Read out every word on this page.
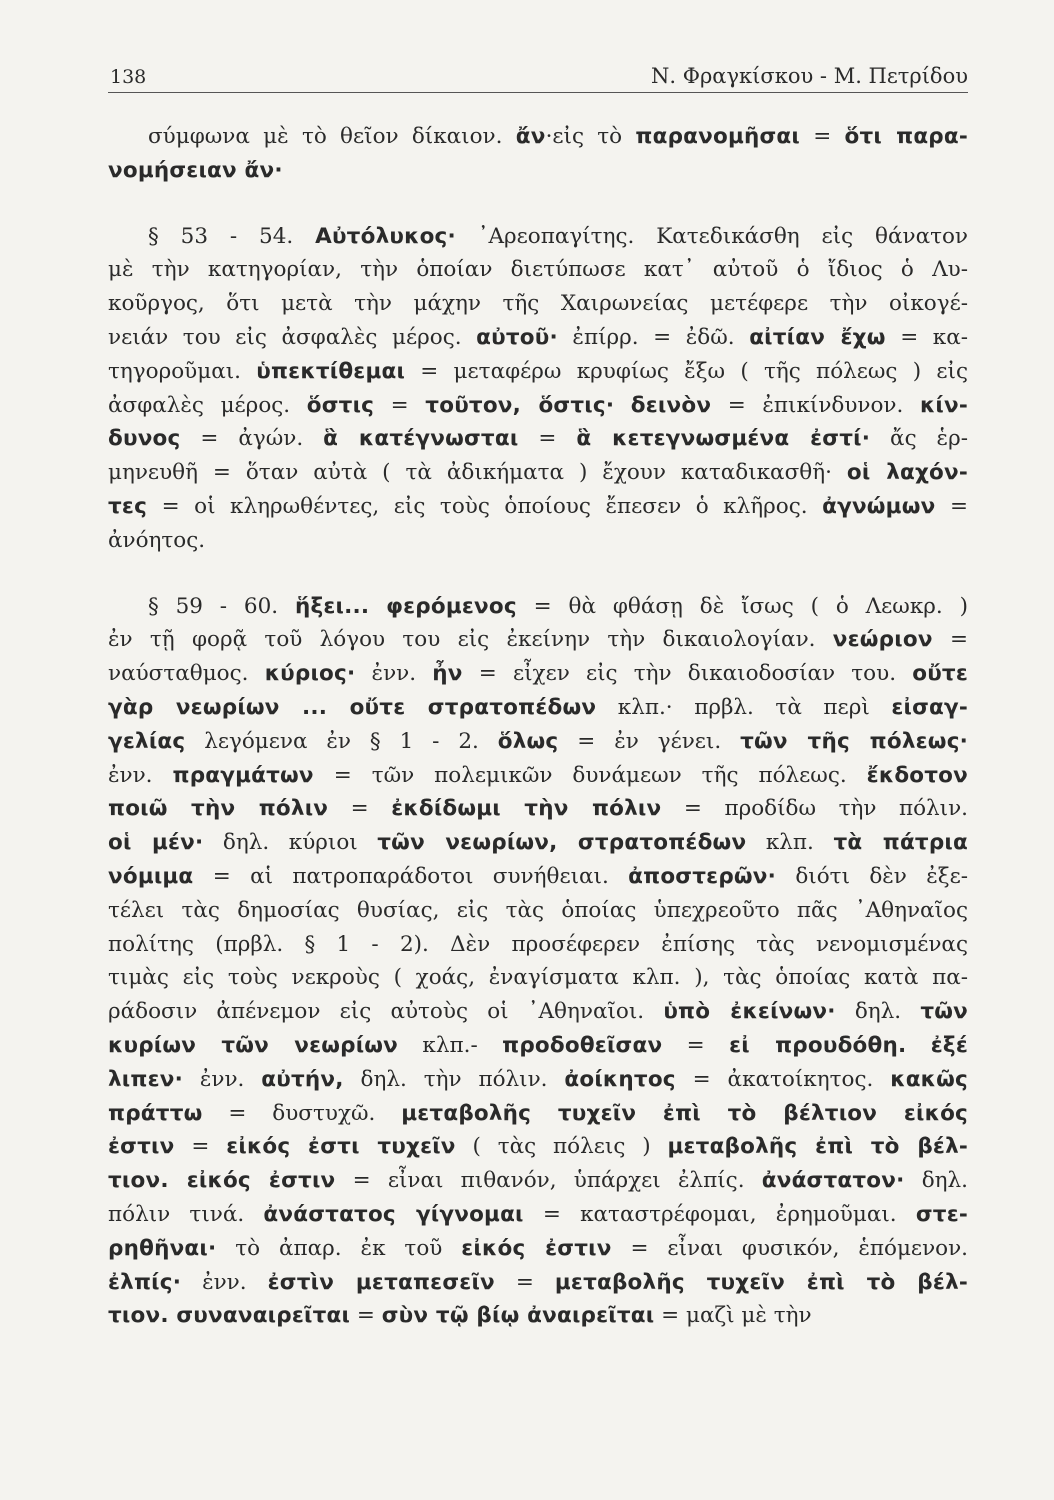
138	Ν. Φραγκίσκου - Μ. Πετρίδου
σύμφωνα μὲ τὸ θεῖον δίκαιον. ἄν·εἰς τὸ παρανομῆσαι = ὅτι παρα-
νομήσειαν ἄν·
§ 53 - 54. Αὐτόλυκος· ᾿Αρεοπαγίτης. Κατεδικάσθη εἰς θάνατον
μὲ τὴν κατηγορίαν, τὴν ὁποίαν διετύπωσε κατ᾿ αὐτοῦ ὁ ἴδιος ὁ Λυ-
κοῦργος, ὅτι μετὰ τὴν μάχην τῆς Χαιρωνείας μετέφερε τὴν οἰκογέ-
νειάν του εἰς ἀσφαλὲς μέρος. αὐτοῦ· ἐπίρρ. = ἐδῶ. αἰτίαν ἔχω = κα-
τηγοροῦμαι. ὑπεκτίθεμαι = μεταφέρω κρυφίως ἔξω ( τῆς πόλεως ) εἰς
ἀσφαλὲς μέρος. ὅστις = τοῦτον, ὅστις· δεινὸν = ἐπικίνδυνον. κίν-
δυνος = ἀγών. ἃ κατέγνωσται = ἃ κετεγνωσμένα ἐστί· ἄς ἑρ-
μηνευθῆ = ὅταν αὐτὰ ( τὰ ἀδικήματα ) ἔχουν καταδικασθῆ· οἱ λαχόν-
τες = οἱ κληρωθέντες, εἰς τοὺς ὁποίους ἔπεσεν ὁ κλῆρος. ἀγνώμων =
ἀνόητος.
§ 59 - 60. ἥξει... φερόμενος = θὰ φθάσῃ δὲ ἴσως ( ὁ Λεωκρ. )
ἐν τῇ φορᾷ τοῦ λόγου του εἰς ἐκείνην τὴν δικαιολογίαν. νεώριον =
ναύσταθμος. κύριος· ἐνν. ἦν = εἶχεν εἰς τὴν δικαιοδοσίαν του. οὔτε
γὰρ νεωρίων ... οὔτε στρατοπέδων κλπ.· πρβλ. τὰ περὶ εἰσαγ-
γελίας λεγόμενα ἐν § 1 - 2. ὅλως = ἐν γένει. τῶν τῆς πόλεως·
ἐνν. πραγμάτων = τῶν πολεμικῶν δυνάμεων τῆς πόλεως. ἔκδοτον
ποιῶ τὴν πόλιν = ἐκδίδωμι τὴν πόλιν = προδίδω τὴν πόλιν.
οἱ μέν· δηλ. κύριοι τῶν νεωρίων, στρατοπέδων κλπ. τὰ πάτρια
νόμιμα = αἱ πατροπαράδοτοι συνήθειαι. ἀποστερῶν· διότι δὲν ἐξε-
τέλει τὰς δημοσίας θυσίας, εἰς τὰς ὁποίας ὑπεχρεοῦτο πᾶς ᾿Αθηναῖος
πολίτης (πρβλ. § 1 - 2). Δὲν προσέφερεν ἐπίσης τὰς νενομισμένας
τιμὰς εἰς τοὺς νεκροὺς ( χοάς, ἐναγίσματα κλπ. ), τὰς ὁποίας κατὰ πα-
ράδοσιν ἀπένεμον εἰς αὐτοὺς οἱ ᾿Αθηναῖοι. ὑπὸ ἐκείνων· δηλ. τῶν
κυρίων τῶν νεωρίων κλπ.- προδοθεῖσαν = εἰ προυδόθη. ἐξέ
λιπεν· ἐνν. αὐτήν, δηλ. τὴν πόλιν. ἀοίκητος = ἀκατοίκητος. κακῶς
πράττω = δυστυχῶ. μεταβολῆς τυχεῖν ἐπὶ τὸ βέλτιον εἰκός
ἐστιν = εἰκός ἐστι τυχεῖν ( τὰς πόλεις ) μεταβολῆς ἐπὶ τὸ βέλ-
τιον. εἰκός ἐστιν = εἶναι πιθανόν, ὑπάρχει ἐλπίς. ἀνάστατον· δηλ.
πόλιν τινά. ἀνάστατος γίγνομαι = καταστρέφομαι, ἐρημοῦμαι. στε-
ρηθῆναι· τὸ ἀπαρ. ἐκ τοῦ εἰκός ἐστιν = εἶναι φυσικόν, ἑπόμενον.
ἐλπίς· ἐνν. ἐστὶν μεταπεσεῖν = μεταβολῆς τυχεῖν ἐπὶ τὸ βέλ-
τιον. συναναιρεῖται = σὺν τῷ βίῳ ἀναιρεῖται = μαζὶ μὲ τὴν
